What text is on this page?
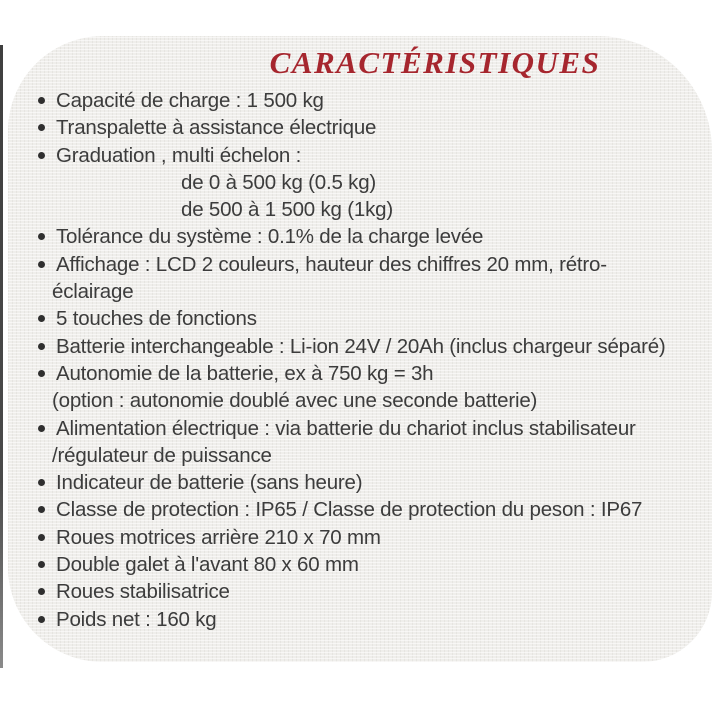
CARACTÉRISTIQUES
Capacité de charge : 1 500 kg
Transpalette à assistance électrique
Graduation , multi échelon :
de 0 à 500 kg (0.5 kg)
de 500 à 1 500 kg (1kg)
Tolérance du système : 0.1% de la charge levée
Affichage : LCD 2 couleurs, hauteur des chiffres 20 mm, rétro-
éclairage
5 touches de fonctions
Batterie interchangeable : Li-ion 24V / 20Ah (inclus chargeur séparé)
Autonomie de la batterie, ex à 750 kg = 3h
(option : autonomie doublé avec une seconde batterie)
Alimentation électrique : via batterie du chariot inclus stabilisateur
/régulateur de puissance
Indicateur de batterie (sans heure)
Classe de protection : IP65 / Classe de protection du peson : IP67
Roues motrices arrière 210 x 70 mm
Double galet à l'avant 80 x 60 mm
Roues stabilisatrice
Poids net : 160 kg
